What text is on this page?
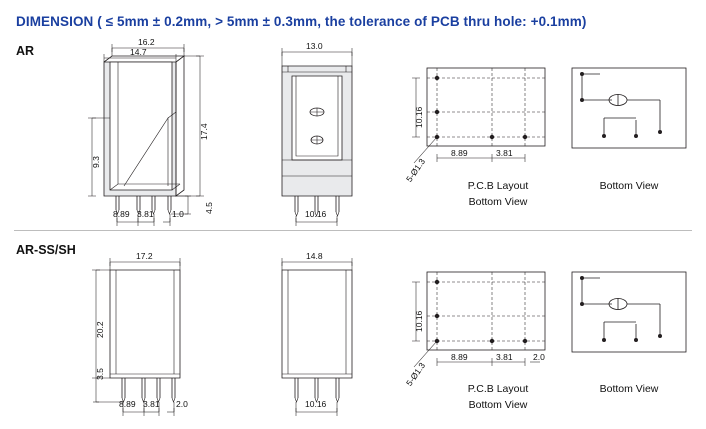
DIMENSION ( ≤ 5mm ± 0.2mm, > 5mm ± 0.3mm, the tolerance of PCB thru hole: +0.1mm)
AR
16.2
14.7
17.4
9.3
4.5
8.89 3.81 1.0
13.0
10.16
10.16
8.89	3.81
5-Ø1.3
P.C.B Layout
Bottom View
Bottom View
AR-SS/SH	17.2
20.2
3.5
8.89 3.81 2.0
14.8
10.16
10.16
8.89	3.81 2.0
5-Ø1.3
P.C.B Layout
Bottom View
Bottom View
